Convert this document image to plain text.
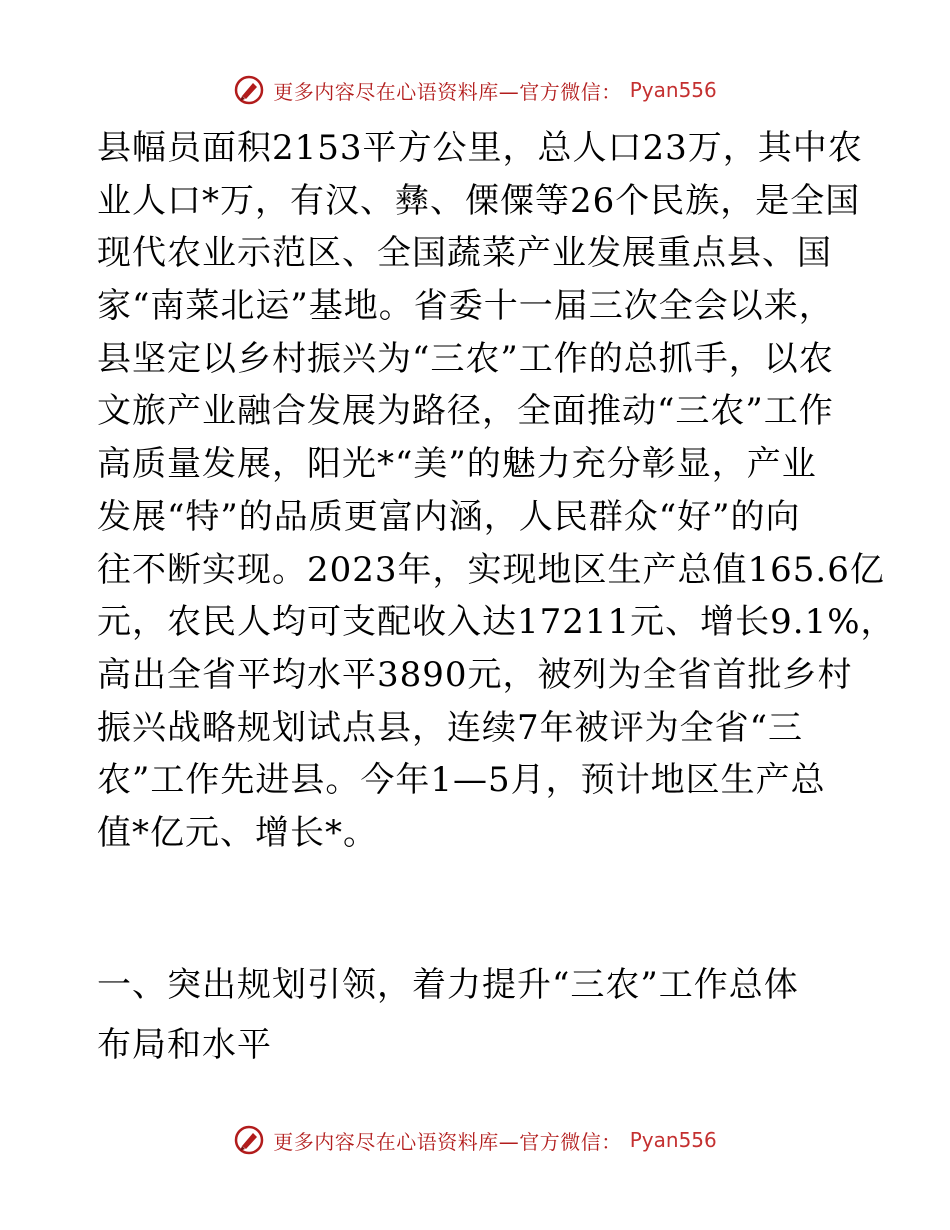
更多内容尽在心语资料库—官方微信： Pyan556
县幅员面积2153平方公里，总人口23万，其中农
业人口*万，有汉、彝、傈僳等26个民族，是全国
现代农业示范区、全国蔬菜产业发展重点县、国
家“南菜北运”基地。省委十一届三次全会以来，
县坚定以乡村振兴为“三农”工作的总抓手，以农
文旅产业融合发展为路径，全面推动“三农”工作
高质量发展，阳光*“美”的魅力充分彰显，产业
发展“特”的品质更富内涵，人民群众“好”的向
往不断实现。2023年，实现地区生产总值165.6亿
元，农民人均可支配收入达17211元、增长9.1%，
高出全省平均水平3890元，被列为全省首批乡村
振兴战略规划试点县，连续7年被评为全省“三
农”工作先进县。今年1—5月，预计地区生产总
值*亿元、增长*。
一、突出规划引领，着力提升“三农”工作总体
布局和水平
更多内容尽在心语资料库—官方微信： Pyan556
